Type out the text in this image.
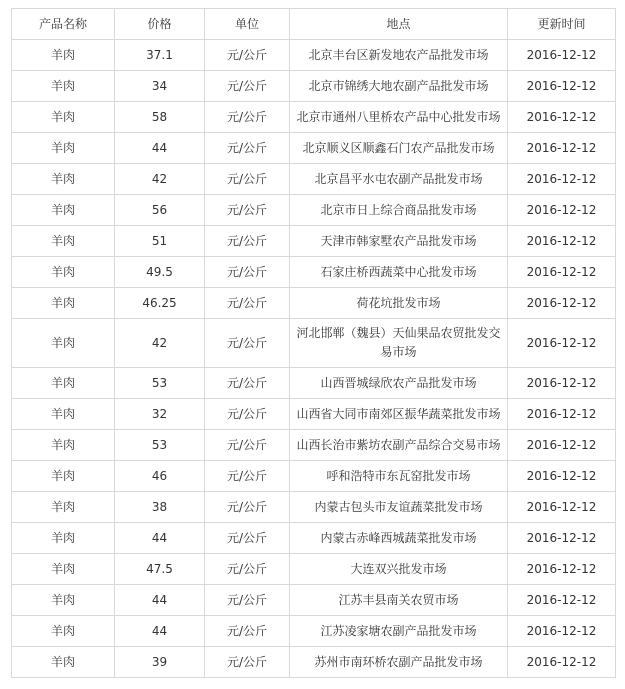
产品名称	价格	单位	地点	更新时间
羊肉	37.1	元/公斤	北京丰台区新发地农产品批发市场	2016-12-12
羊肉	34	元/公斤	北京市锦绣大地农副产品批发市场	2016-12-12
羊肉	58	元/公斤	北京市通州八里桥农产品中心批发市场	2016-12-12
羊肉	44	元/公斤	北京顺义区顺鑫石门农产品批发市场	2016-12-12
羊肉	42	元/公斤	北京昌平水屯农副产品批发市场	2016-12-12
羊肉	56	元/公斤	北京市日上综合商品批发市场	2016-12-12
羊肉	51	元/公斤	天津市韩家墅农产品批发市场	2016-12-12
羊肉	49.5	元/公斤	石家庄桥西蔬菜中心批发市场	2016-12-12
羊肉	46.25	元/公斤	荷花坑批发市场	2016-12-12
羊肉	42	元/公斤	河北邯郸（魏县）天仙果品农贸批发交易市场	2016-12-12
羊肉	53	元/公斤	山西晋城绿欣农产品批发市场	2016-12-12
羊肉	32	元/公斤	山西省大同市南郊区振华蔬菜批发市场	2016-12-12
羊肉	53	元/公斤	山西长治市紫坊农副产品综合交易市场	2016-12-12
羊肉	46	元/公斤	呼和浩特市东瓦窑批发市场	2016-12-12
羊肉	38	元/公斤	内蒙古包头市友谊蔬菜批发市场	2016-12-12
羊肉	44	元/公斤	内蒙古赤峰西城蔬菜批发市场	2016-12-12
羊肉	47.5	元/公斤	大连双兴批发市场	2016-12-12
羊肉	44	元/公斤	江苏丰县南关农贸市场	2016-12-12
羊肉	44	元/公斤	江苏凌家塘农副产品批发市场	2016-12-12
羊肉	39	元/公斤	苏州市南环桥农副产品批发市场	2016-12-12
